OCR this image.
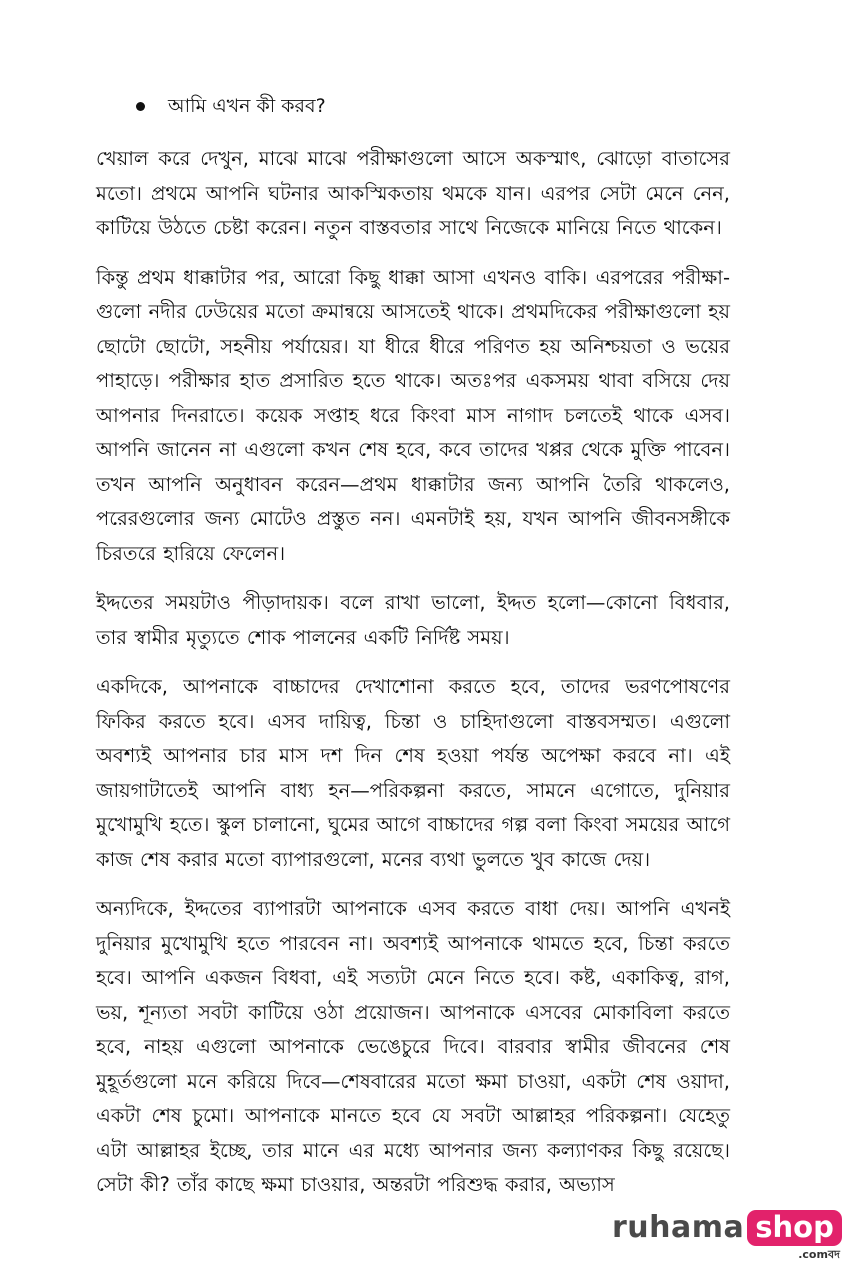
আমি এখন কী করব?

খেয়াল করে দেখুন, মাঝে মাঝে পরীক্ষাগুলো আসে অকস্মাৎ, ঝোড়ো বাতাসের মতো। প্রথমে আপনি ঘটনার আকস্মিকতায় থমকে যান। এরপর সেটা মেনে নেন, কাটিয়ে উঠতে চেষ্টা করেন। নতুন বাস্তবতার সাথে নিজেকে মানিয়ে নিতে থাকেন।

কিন্তু প্রথম ধাক্কাটার পর, আরো কিছু ধাক্কা আসা এখনও বাকি। এরপরের পরীক্ষা-গুলো নদীর ঢেউয়ের মতো ক্রমান্বয়ে আসতেই থাকে। প্রথমদিকের পরীক্ষাগুলো হয় ছোটো ছোটো, সহনীয় পর্যায়ের। যা ধীরে ধীরে পরিণত হয় অনিশ্চয়তা ও ভয়ের পাহাড়ে। পরীক্ষার হাত প্রসারিত হতে থাকে। অতঃপর একসময় থাবা বসিয়ে দেয় আপনার দিনরাতে। কয়েক সপ্তাহ ধরে কিংবা মাস নাগাদ চলতেই থাকে এসব। আপনি জানেন না এগুলো কখন শেষ হবে, কবে তাদের খপ্পর থেকে মুক্তি পাবেন। তখন আপনি অনুধাবন করেন—প্রথম ধাক্কাটার জন্য আপনি তৈরি থাকলেও, পরেরগুলোর জন্য মোটেও প্রস্তুত নন। এমনটাই হয়, যখন আপনি জীবনসঙ্গীকে চিরতরে হারিয়ে ফেলেন।

ইদ্দতের সময়টাও পীড়াদায়ক। বলে রাখা ভালো, ইদ্দত হলো—কোনো বিধবার, তার স্বামীর মৃত্যুতে শোক পালনের একটি নির্দিষ্ট সময়।

একদিকে, আপনাকে বাচ্চাদের দেখাশোনা করতে হবে, তাদের ভরণপোষণের ফিকির করতে হবে। এসব দায়িত্ব, চিন্তা ও চাহিদাগুলো বাস্তবসম্মত। এগুলো অবশ্যই আপনার চার মাস দশ দিন শেষ হওয়া পর্যন্ত অপেক্ষা করবে না। এই জায়গাটাতেই আপনি বাধ্য হন—পরিকল্পনা করতে, সামনে এগোতে, দুনিয়ার মুখোমুখি হতে। স্কুল চালানো, ঘুমের আগে বাচ্চাদের গল্প বলা কিংবা সময়ের আগে কাজ শেষ করার মতো ব্যাপারগুলো, মনের ব্যথা ভুলতে খুব কাজে দেয়।

অন্যদিকে, ইদ্দতের ব্যাপারটা আপনাকে এসব করতে বাধা দেয়। আপনি এখনই দুনিয়ার মুখোমুখি হতে পারবেন না। অবশ্যই আপনাকে থামতে হবে, চিন্তা করতে হবে। আপনি একজন বিধবা, এই সত্যটা মেনে নিতে হবে। কষ্ট, একাকিত্ব, রাগ, ভয়, শূন্যতা সবটা কাটিয়ে ওঠা প্রয়োজন। আপনাকে এসবের মোকাবিলা করতে হবে, নাহয় এগুলো আপনাকে ভেঙেচুরে দিবে। বারবার স্বামীর জীবনের শেষ মুহূর্তগুলো মনে করিয়ে দিবে—শেষবারের মতো ক্ষমা চাওয়া, একটা শেষ ওয়াদা, একটা শেষ চুমো। আপনাকে মানতে হবে যে সবটা আল্লাহর পরিকল্পনা। যেহেতু এটা আল্লাহর ইচ্ছে, তার মানে এর মধ্যে আপনার জন্য কল্যাণকর কিছু রয়েছে। সেটা কী? তাঁর কাছে ক্ষমা চাওয়ার, অন্তরটা পরিশুদ্ধ করার, অভ্যাস

ruhama shop
.comবদ
